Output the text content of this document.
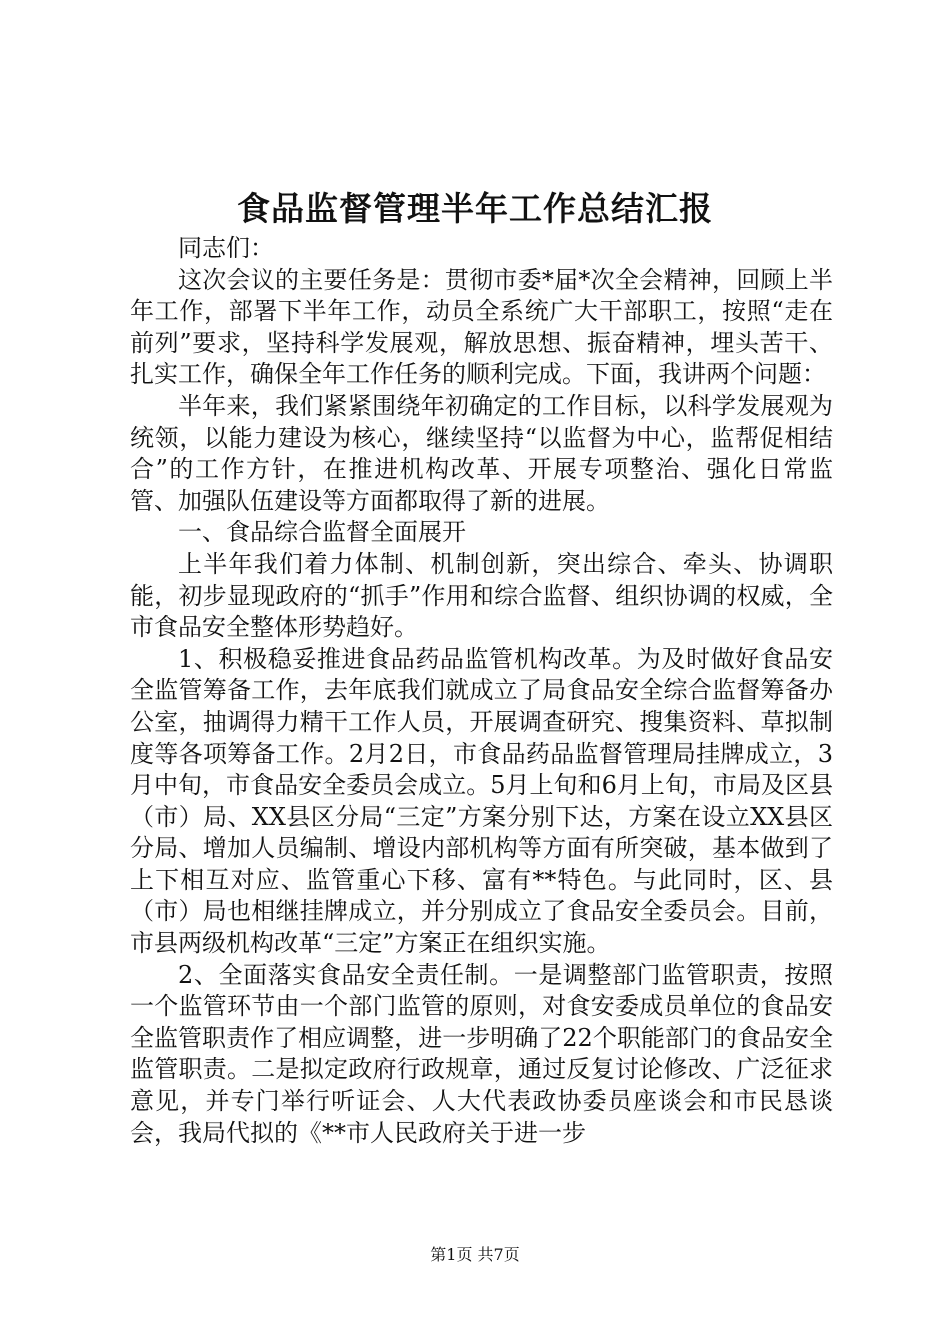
食品监督管理半年工作总结汇报

同志们：

这次会议的主要任务是：贯彻市委*届*次全会精神，回顾上半年工作，部署下半年工作，动员全系统广大干部职工，按照“走在前列”要求，坚持科学发展观，解放思想、振奋精神，埋头苦干、扎实工作，确保全年工作任务的顺利完成。下面，我讲两个问题：

半年来，我们紧紧围绕年初确定的工作目标，以科学发展观为统领，以能力建设为核心，继续坚持“以监督为中心，监帮促相结合”的工作方针，在推进机构改革、开展专项整治、强化日常监管、加强队伍建设等方面都取得了新的进展。

一、食品综合监督全面展开

上半年我们着力体制、机制创新，突出综合、牵头、协调职能，初步显现政府的“抓手”作用和综合监督、组织协调的权威，全市食品安全整体形势趋好。

1、积极稳妥推进食品药品监管机构改革。为及时做好食品安全监管筹备工作，去年底我们就成立了局食品安全综合监督筹备办公室，抽调得力精干工作人员，开展调查研究、搜集资料、草拟制度等各项筹备工作。2月2日，市食品药品监督管理局挂牌成立，3月中旬，市食品安全委员会成立。5月上旬和6月上旬，市局及区县（市）局、XX县区分局“三定”方案分别下达，方案在设立XX县区分局、增加人员编制、增设内部机构等方面有所突破，基本做到了上下相互对应、监管重心下移、富有**特色。与此同时，区、县（市）局也相继挂牌成立，并分别成立了食品安全委员会。目前，市县两级机构改革“三定”方案正在组织实施。

2、全面落实食品安全责任制。一是调整部门监管职责，按照一个监管环节由一个部门监管的原则，对食安委成员单位的食品安全监管职责作了相应调整，进一步明确了22个职能部门的食品安全监管职责。二是拟定政府行政规章，通过反复讨论修改、广泛征求意见，并专门举行听证会、人大代表政协委员座谈会和市民恳谈会，我局代拟的《**市人民政府关于进一步

第1页 共7页
